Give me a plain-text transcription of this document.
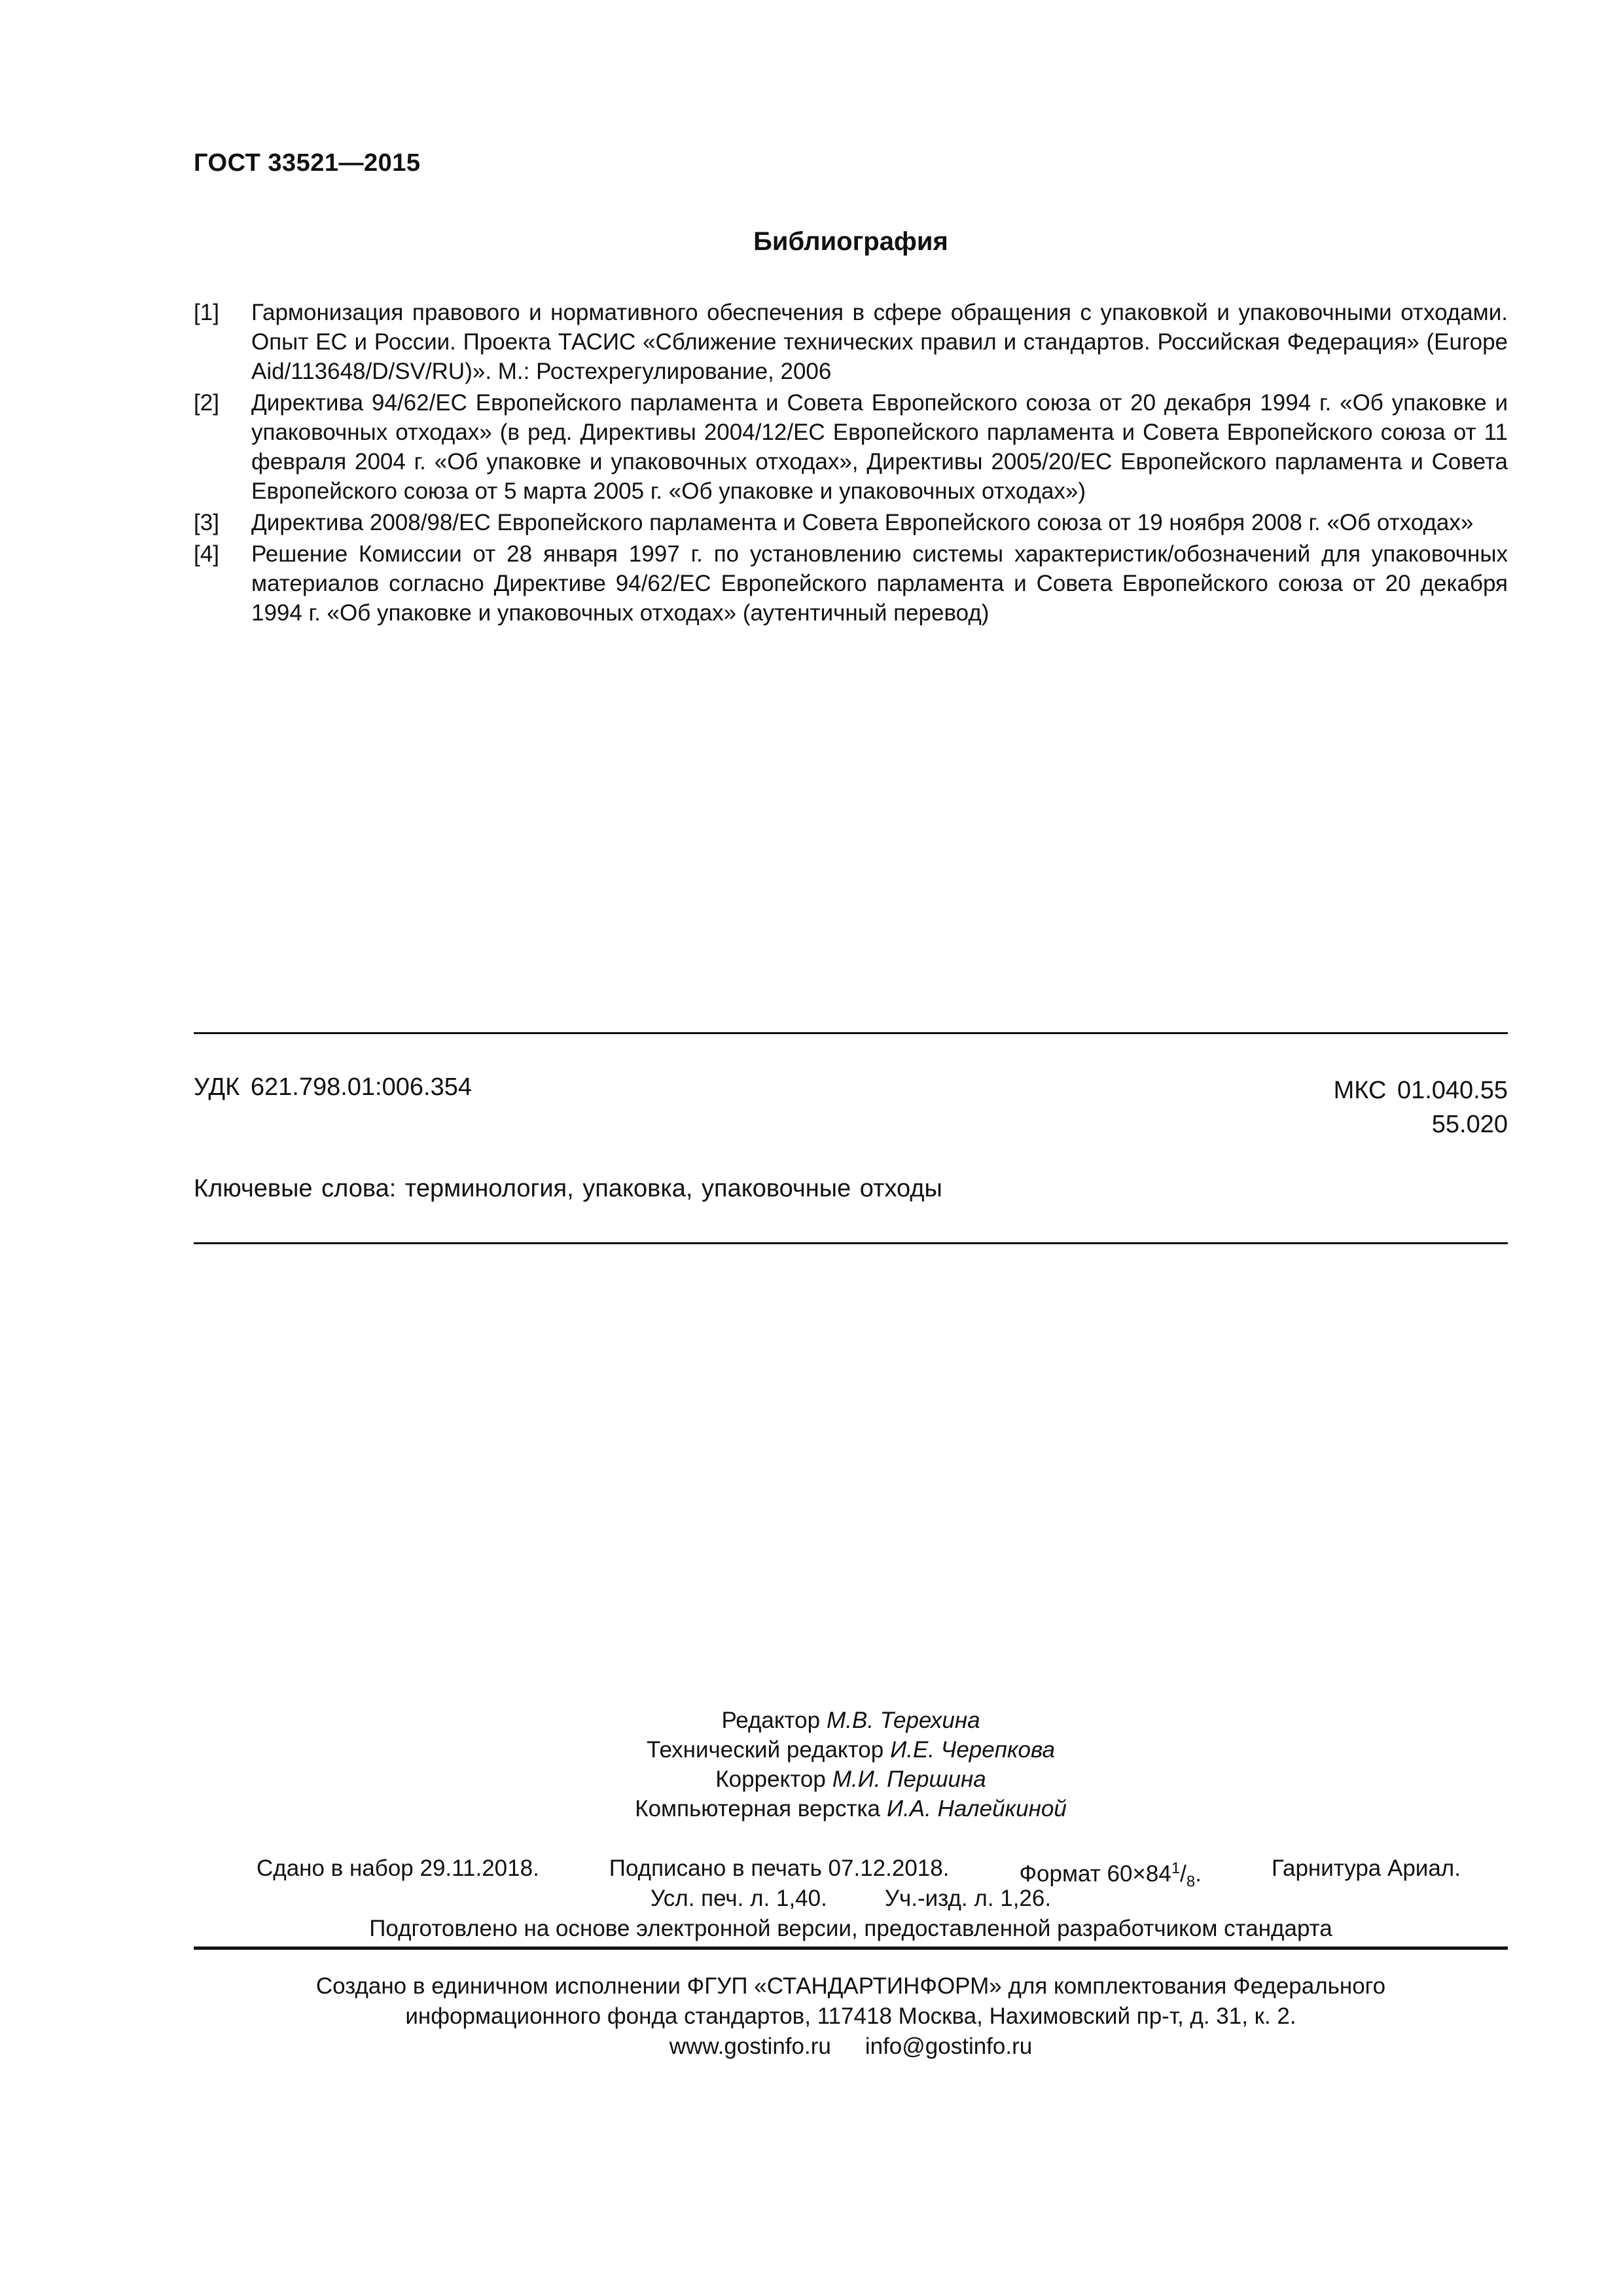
ГОСТ 33521—2015
Библиография
[1]	Гармонизация правового и нормативного обеспечения в сфере обращения с упаковкой и упаковочными отходами. Опыт ЕС и России. Проекта ТАСИС «Сближение технических правил и стандартов. Российская Федерация» (Europe Aid/113648/D/SV/RU)». М.: Ростехрегулирование, 2006
[2]	Директива 94/62/ЕС Европейского парламента и Совета Европейского союза от 20 декабря 1994 г. «Об упаковке и упаковочных отходах» (в ред. Директивы 2004/12/ЕС Европейского парламента и Совета Европейского союза от 11 февраля 2004 г. «Об упаковке и упаковочных отходах», Директивы 2005/20/ЕС Европейского парламента и Совета Европейского союза от 5 марта 2005 г. «Об упаковке и упаковочных отходах»)
[3]	Директива 2008/98/ЕС Европейского парламента и Совета Европейского союза от 19 ноября 2008 г. «Об отходах»
[4]	Решение Комиссии от 28 января 1997 г. по установлению системы характеристик/обозначений для упаковочных материалов согласно Директиве 94/62/ЕС Европейского парламента и Совета Европейского союза от 20 декабря 1994 г. «Об упаковке и упаковочных отходах» (аутентичный перевод)
УДК 621.798.01:006.354	МКС 01.040.55
55.020
Ключевые слова: терминология, упаковка, упаковочные отходы
Редактор М.В. Терехина
Технический редактор И.Е. Черепкова
Корректор М.И. Першина
Компьютерная верстка И.А. Налейкиной
Сдано в набор 29.11.2018.	Подписано в печать 07.12.2018.	Формат $60\times 84^1/_8$.	Гарнитура Ариал.
Усл. печ. л. 1,40.	Уч.-изд. л. 1,26.
Подготовлено на основе электронной версии, предоставленной разработчиком стандарта
Создано в единичном исполнении ФГУП «СТАНДАРТИНФОРМ» для комплектования Федерального
информационного фонда стандартов, 117418 Москва, Нахимовский пр-т, д. 31, к. 2.
www.gostinfo.ru info@gostinfo.ru
